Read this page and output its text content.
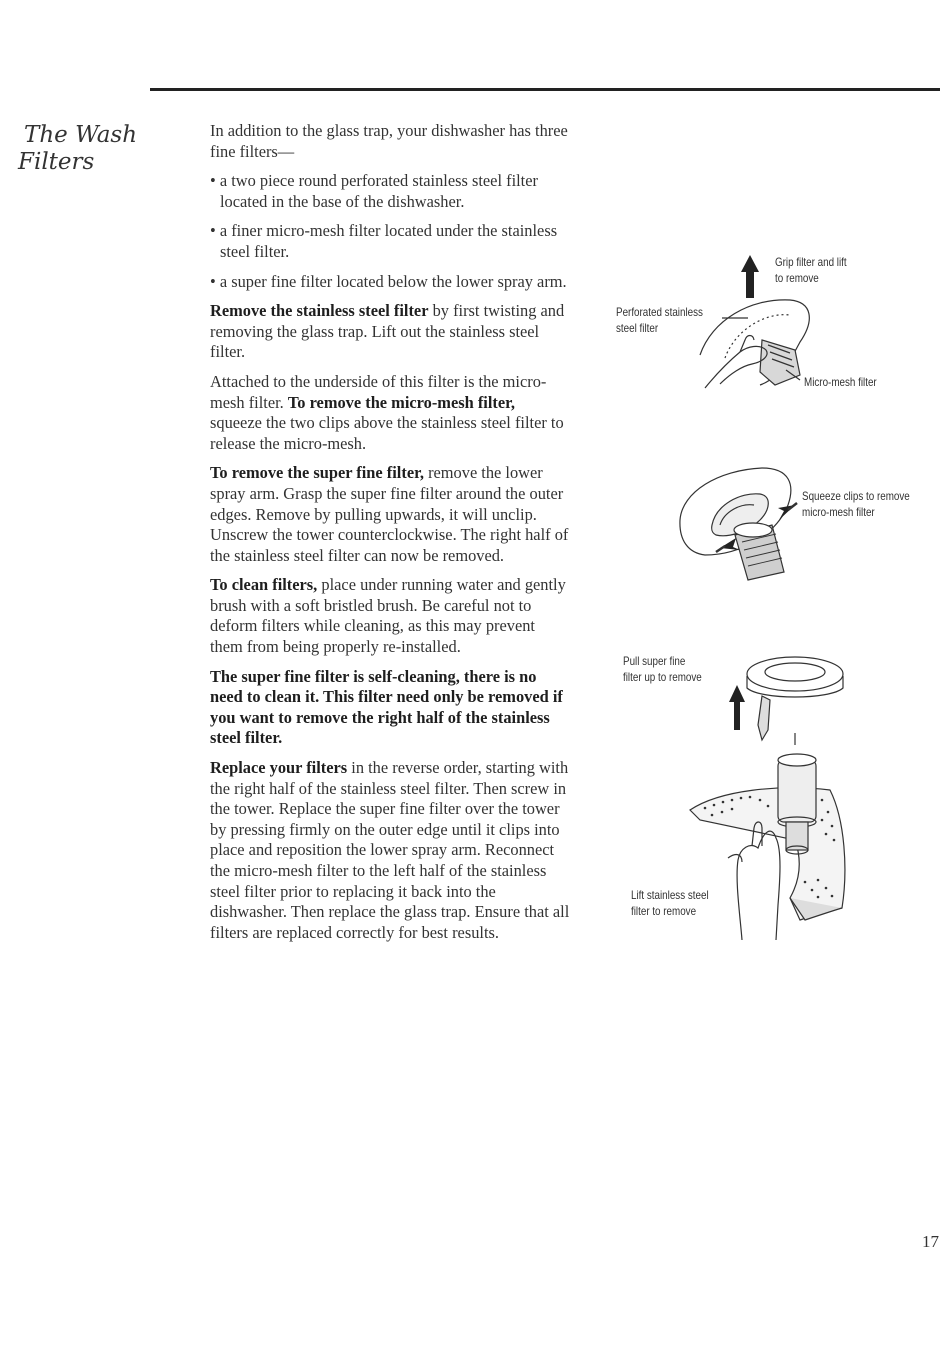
The Wash
Filters

In addition to the glass trap, your dishwasher has three fine filters—

• a two piece round perforated stainless steel filter located in the base of the dishwasher.

• a finer micro-mesh filter located under the stainless steel filter.

• a super fine filter located below the lower spray arm.

Remove the stainless steel filter by first twisting and removing the glass trap. Lift out the stainless steel filter.

Attached to the underside of this filter is the micro-mesh filter. To remove the micro-mesh filter, squeeze the two clips above the stainless steel filter to release the micro-mesh.

To remove the super fine filter, remove the lower spray arm. Grasp the super fine filter around the outer edges. Remove by pulling upwards, it will unclip. Unscrew the tower counterclockwise. The right half of the stainless steel filter can now be removed.

To clean filters, place under running water and gently brush with a soft bristled brush. Be careful not to deform filters while cleaning, as this may prevent them from being properly re-installed.

The super fine filter is self-cleaning, there is no need to clean it. This filter need only be removed if you want to remove the right half of the stainless steel filter.

Replace your filters in the reverse order, starting with the right half of the stainless steel filter. Then screw in the tower. Replace the super fine filter over the tower by pressing firmly on the outer edge until it clips into place and reposition the lower spray arm. Reconnect the micro-mesh filter to the left half of the stainless steel filter prior to replacing it back into the dishwasher. Then replace the glass trap. Ensure that all filters are replaced correctly for best results.

Grip filter and lift
to remove
Perforated stainless
steel filter
Micro-mesh filter
Squeeze clips to remove
micro-mesh filter
Pull super fine
filter up to remove
Lift stainless steel
filter to remove
17
